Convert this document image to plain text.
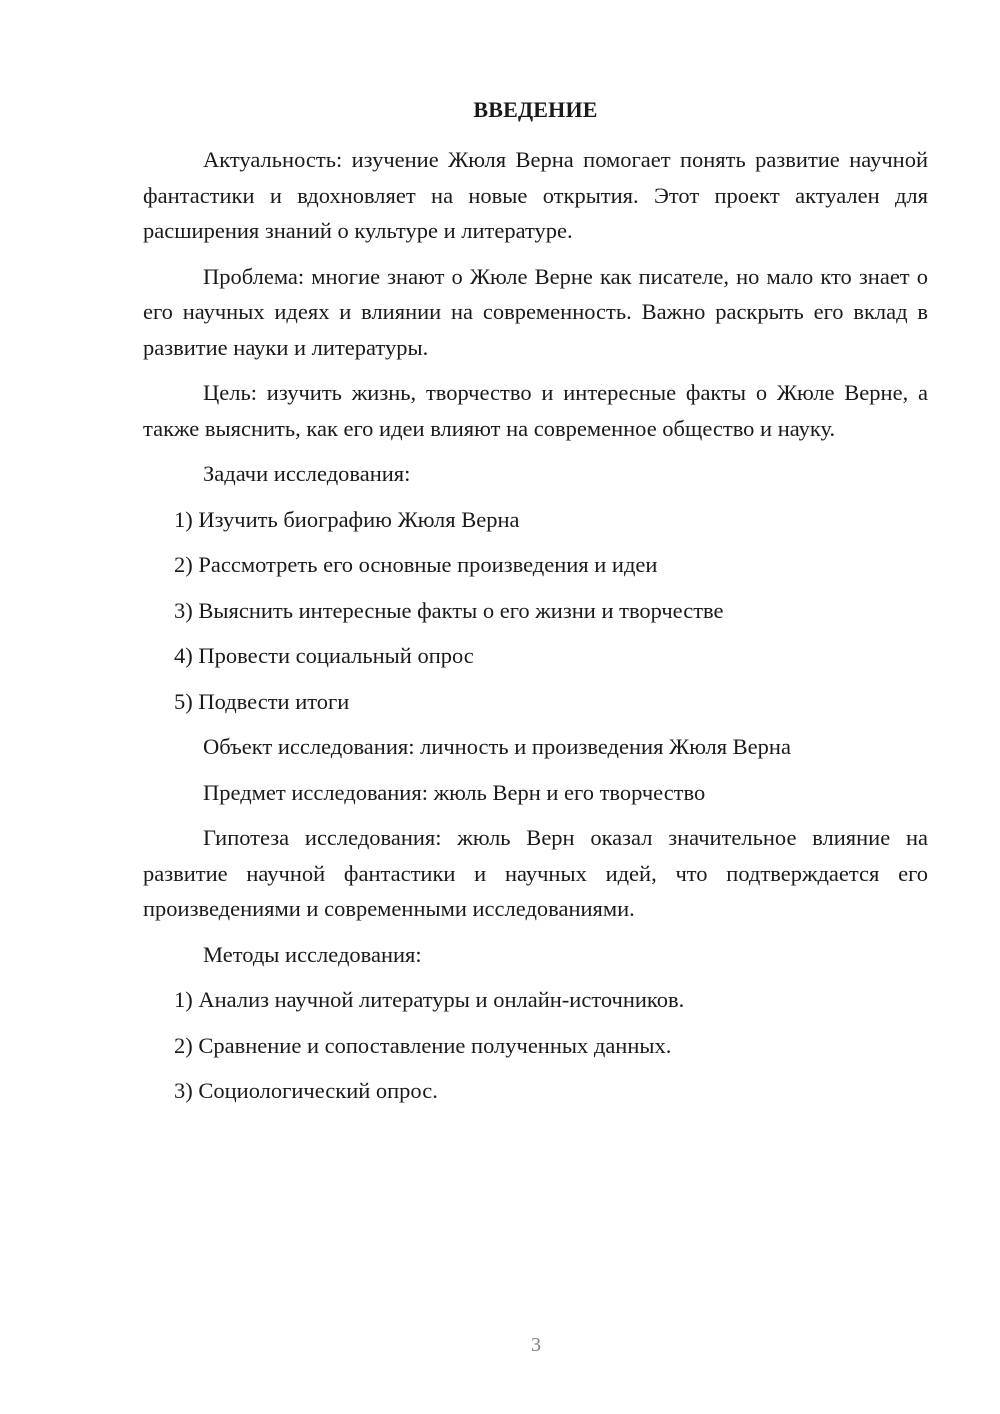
ВВЕДЕНИЕ
Актуальность: изучение Жюля Верна помогает понять развитие научной фантастики и вдохновляет на новые открытия. Этот проект актуален для расширения знаний о культуре и литературе.
Проблема: многие знают о Жюле Верне как писателе, но мало кто знает о его научных идеях и влиянии на современность. Важно раскрыть его вклад в развитие науки и литературы.
Цель: изучить жизнь, творчество и интересные факты о Жюле Верне, а также выяснить, как его идеи влияют на современное общество и науку.
Задачи исследования:
1) Изучить биографию Жюля Верна
2) Рассмотреть его основные произведения и идеи
3) Выяснить интересные факты о его жизни и творчестве
4) Провести социальный опрос
5) Подвести итоги
Объект исследования: личность и произведения Жюля Верна
Предмет исследования: жюль Верн и его творчество
Гипотеза исследования: жюль Верн оказал значительное влияние на развитие научной фантастики и научных идей, что подтверждается его произведениями и современными исследованиями.
Методы исследования:
1) Анализ научной литературы и онлайн-источников.
2) Сравнение и сопоставление полученных данных.
3) Социологический опрос.
3
